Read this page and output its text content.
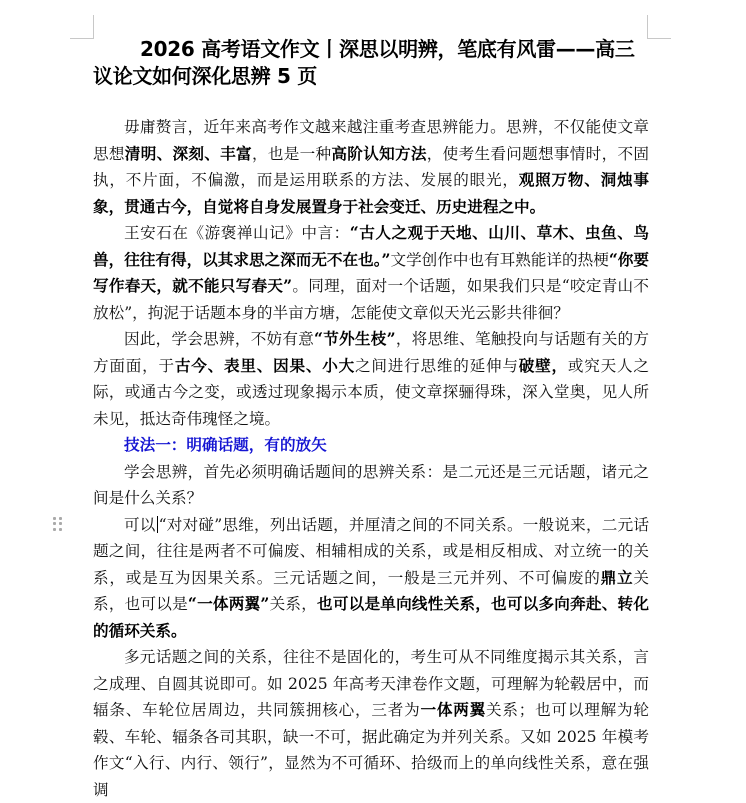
2026 高考语文作文丨深思以明辨，笔底有风雷——高三议论文如何深化思辨 5 页

毋庸赘言，近年来高考作文越来越注重考查思辨能力。思辨，不仅能使文章思想清明、深刻、丰富，也是一种高阶认知方法，使考生看问题想事情时，不固执，不片面，不偏激，而是运用联系的方法、发展的眼光，观照万物、洞烛事象，贯通古今，自觉将自身发展置身于社会变迁、历史进程之中。

王安石在《游褒禅山记》中言：“古人之观于天地、山川、草木、虫鱼、鸟兽，往往有得，以其求思之深而无不在也。”文学创作中也有耳熟能详的热梗“你要写作春天，就不能只写春天”。同理，面对一个话题，如果我们只是“咬定青山不放松”，拘泥于话题本身的半亩方塘，怎能使文章似天光云影共徘徊？

因此，学会思辨，不妨有意“节外生枝”，将思维、笔触投向与话题有关的方方面面，于古今、表里、因果、小大之间进行思维的延伸与破壁，或究天人之际，或通古今之变，或透过现象揭示本质，使文章探骊得珠，深入堂奥，见人所未见，抵达奇伟瑰怪之境。

技法一：明确话题，有的放矢

学会思辨，首先必须明确话题间的思辨关系：是二元还是三元话题，诸元之间是什么关系？

可以 “对对碰”思维，列出话题，并厘清之间的不同关系。一般说来，二元话题之间，往往是两者不可偏废、相辅相成的关系，或是相反相成、对立统一的关系，或是互为因果关系。三元话题之间，一般是三元并列、不可偏废的鼎立关系，也可以是“一体两翼”关系，也可以是单向线性关系，也可以多向奔赴、转化的循环关系。

多元话题之间的关系，往往不是固化的，考生可从不同维度揭示其关系，言之成理、自圆其说即可。如 2025 年高考天津卷作文题，可理解为轮毂居中，而辐条、车轮位居周边，共同簇拥核心，三者为一体两翼关系；也可以理解为轮毂、车轮、辐条各司其职，缺一不可，据此确定为并列关系。又如 2025 年模考作文“入行、内行、领行”，显然为不可循环、拾级而上的单向线性关系，意在强调
